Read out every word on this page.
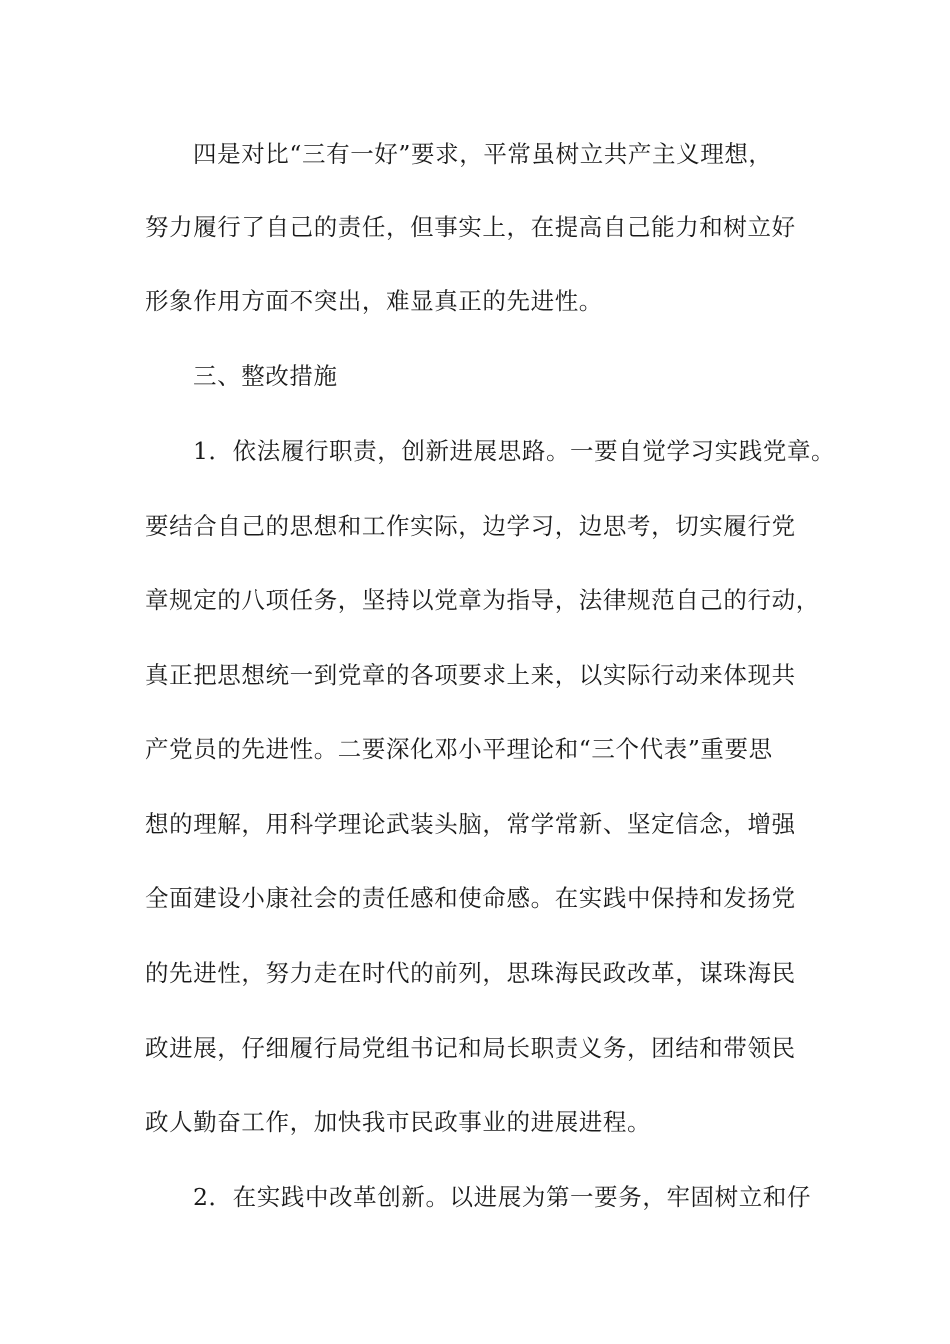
四是对比“三有一好”要求，平常虽树立共产主义理想，
努力履行了自己的责任，但事实上，在提高自己能力和树立好
形象作用方面不突出，难显真正的先进性。
三、整改措施
1．依法履行职责，创新进展思路。一要自觉学习实践党章。
要结合自己的思想和工作实际，边学习，边思考，切实履行党
章规定的八项任务，坚持以党章为指导，法律规范自己的行动，
真正把思想统一到党章的各项要求上来，以实际行动来体现共
产党员的先进性。二要深化邓小平理论和“三个代表”重要思
想的理解，用科学理论武装头脑，常学常新、坚定信念，增强
全面建设小康社会的责任感和使命感。在实践中保持和发扬党
的先进性，努力走在时代的前列，思珠海民政改革，谋珠海民
政进展，仔细履行局党组书记和局长职责义务，团结和带领民
政人勤奋工作，加快我市民政事业的进展进程。
2．在实践中改革创新。以进展为第一要务，牢固树立和仔
